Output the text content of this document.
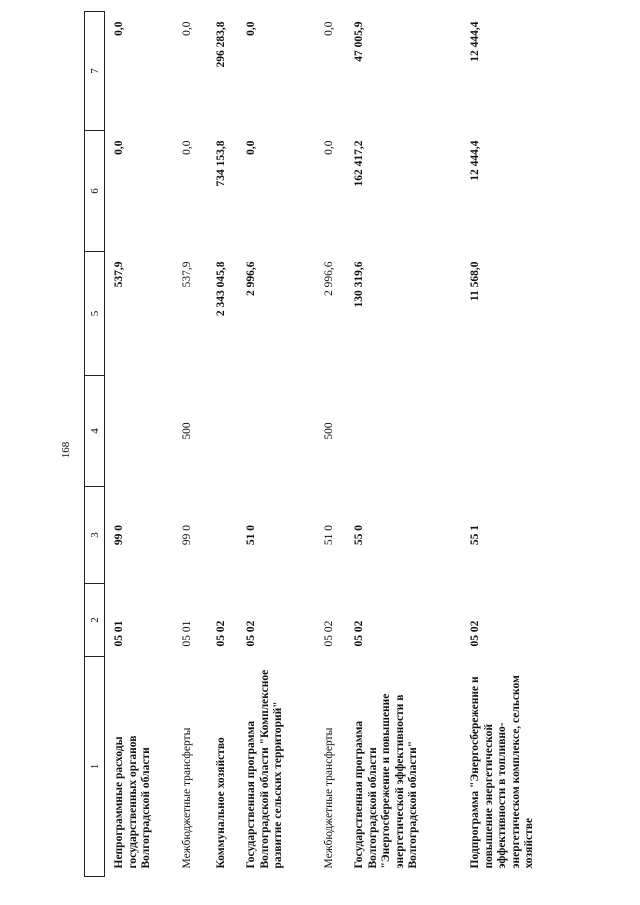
168
1	2	3	4	5	6	7
Непрограммные расходы государственных органов Волгоградской области	05 01	99 0		537,9	0,0	0,0
Межбюджетные трансферты	05 01	99 0	500	537,9	0,0	0,0
Коммунальное хозяйство	05 02			2 343 045,8	734 153,8	296 283,8
Государственная программа Волгоградской области "Комплексное развитие сельских территорий"	05 02	51 0		2 996,6	0,0	0,0
Межбюджетные трансферты	05 02	51 0	500	2 996,6	0,0	0,0
Государственная программа Волгоградской области "Энергосбережение и повышение энергетической эффективности в Волгоградской области"	05 02	55 0		130 319,6	162 417,2	47 005,9
Подпрограмма "Энергосбережение и повышение энергетической эффективности в топливно-энергетическом комплексе, сельском хозяйстве	05 02	55 1		11 568,0	12 444,4	12 444,4
